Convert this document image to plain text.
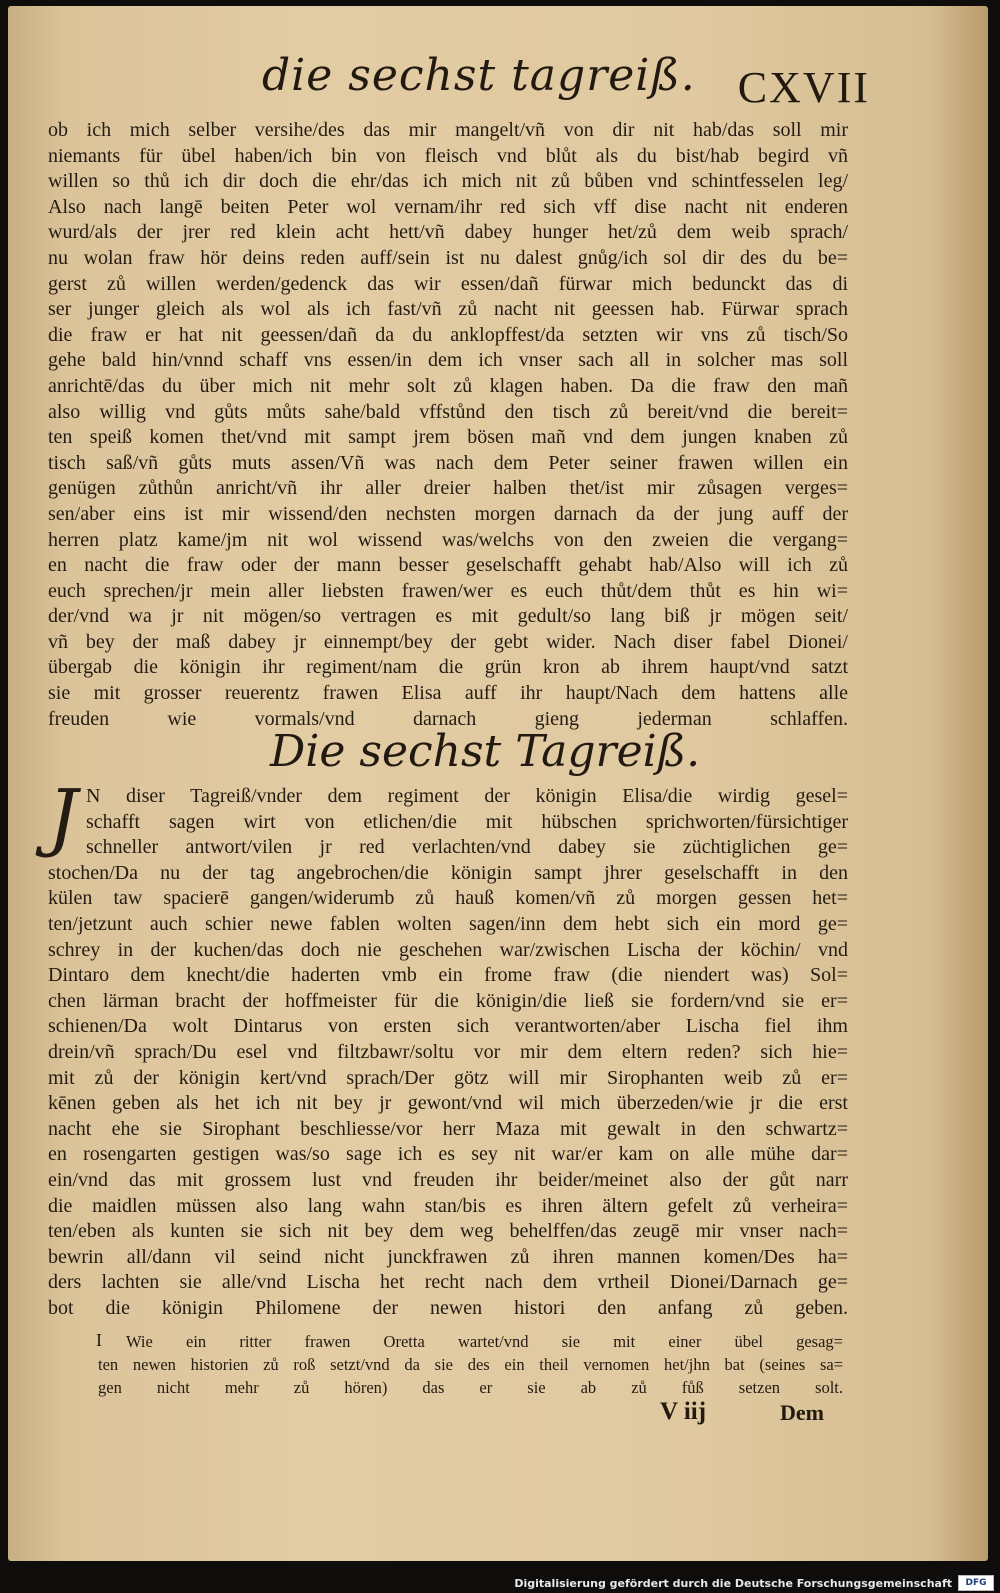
die sechst tagreiß. CXVII
ob ich mich selber versihe/des das mir mangelt/vñ von dir nit hab/das soll mir
niemants für übel haben/ich bin von fleisch vnd blůt als du bist/hab begird vñ
willen so thů ich dir doch die ehr/das ich mich nit zů bůben vnd schintfesselen leg/
Also nach langē beiten Peter wol vernam/ihr red sich vff dise nacht nit enderen
wurd/als der jrer red klein acht hett/vñ dabey hunger het/zů dem weib sprach/
nu wolan fraw hör deins reden auff/sein ist nu dalest gnůg/ich sol dir des du be=
gerst zů willen werden/gedenck das wir essen/dañ fürwar mich bedunckt das di
ser junger gleich als wol als ich fast/vñ zů nacht nit geessen hab. Fürwar sprach
die fraw er hat nit geessen/dañ da du anklopffest/da setzten wir vns zů tisch/So
gehe bald hin/vnnd schaff vns essen/in dem ich vnser sach all in solcher mas soll
anrichtē/das du über mich nit mehr solt zů klagen haben. Da die fraw den mañ
also willig vnd gůts můts sahe/bald vffstůnd den tisch zů bereit/vnd die bereit=
ten speiß komen thet/vnd mit sampt jrem bösen mañ vnd dem jungen knaben zů
tisch saß/vñ gůts muts assen/Vñ was nach dem Peter seiner frawen willen ein
genügen zůthůn anricht/vñ ihr aller dreier halben thet/ist mir zůsagen verges=
sen/aber eins ist mir wissend/den nechsten morgen darnach da der jung auff der
herren platz kame/jm nit wol wissend was/welchs von den zweien die vergang=
en nacht die fraw oder der mann besser geselschafft gehabt hab/Also will ich zů
euch sprechen/jr mein aller liebsten frawen/wer es euch thůt/dem thůt es hin wi=
der/vnd wa jr nit mögen/so vertragen es mit gedult/so lang biß jr mögen seit/
vñ bey der maß dabey jr einnempt/bey der gebt wider. Nach diser fabel Dionei/
übergab die königin ihr regiment/nam die grün kron ab ihrem haupt/vnd satzt
sie mit grosser reuerentz frawen Elisa auff ihr haupt/Nach dem hattens alle
freuden wie vormals/vnd darnach gieng jederman schlaffen.
Die sechst Tagreiß.
J N diser Tagreiß/vnder dem regiment der königin Elisa/die wirdig gesel=
schafft sagen wirt von etlichen/die mit hübschen sprichworten/fürsichtiger
schneller antwort/vilen jr red verlachten/vnd dabey sie züchtiglichen ge=
stochen/Da nu der tag angebrochen/die königin sampt jhrer geselschafft in den
külen taw spacierē gangen/widerumb zů hauß komen/vñ zů morgen gessen het=
ten/jetzunt auch schier newe fablen wolten sagen/inn dem hebt sich ein mord ge=
schrey in der kuchen/das doch nie geschehen war/zwischen Lischa der köchin/ vnd
Dintaro dem knecht/die haderten vmb ein frome fraw (die niendert was) Sol=
chen lärman bracht der hoffmeister für die königin/die ließ sie fordern/vnd sie er=
schienen/Da wolt Dintarus von ersten sich verantworten/aber Lischa fiel ihm
drein/vñ sprach/Du esel vnd filtzbawr/soltu vor mir dem eltern reden? sich hie=
mit zů der königin kert/vnd sprach/Der götz will mir Sirophanten weib zů er=
kēnen geben als het ich nit bey jr gewont/vnd wil mich überzeden/wie jr die erst
nacht ehe sie Sirophant beschliesse/vor herr Maza mit gewalt in den schwartz=
en rosengarten gestigen was/so sage ich es sey nit war/er kam on alle mühe dar=
ein/vnd das mit grossem lust vnd freuden ihr beider/meinet also der gůt narr
die maidlen müssen also lang wahn stan/bis es ihren ältern gefelt zů verheira=
ten/eben als kunten sie sich nit bey dem weg behelffen/das zeugē mir vnser nach=
bewrin all/dann vil seind nicht junckfrawen zů ihren mannen komen/Des ha=
ders lachten sie alle/vnd Lischa het recht nach dem vrtheil Dionei/Darnach ge=
bot die königin Philomene der newen histori den anfang zů geben.
I	Wie ein ritter frawen Oretta wartet/vnd sie mit einer übel gesag=
ten newen historien zů roß setzt/vnd da sie des ein theil vernomen het/jhn bat (seines sa=
gen nicht mehr zů hören) das er sie ab zů fůß setzen solt.
V iij	Dem
Digitalisierung gefördert durch die Deutsche Forschungsgemeinschaft	DFG
